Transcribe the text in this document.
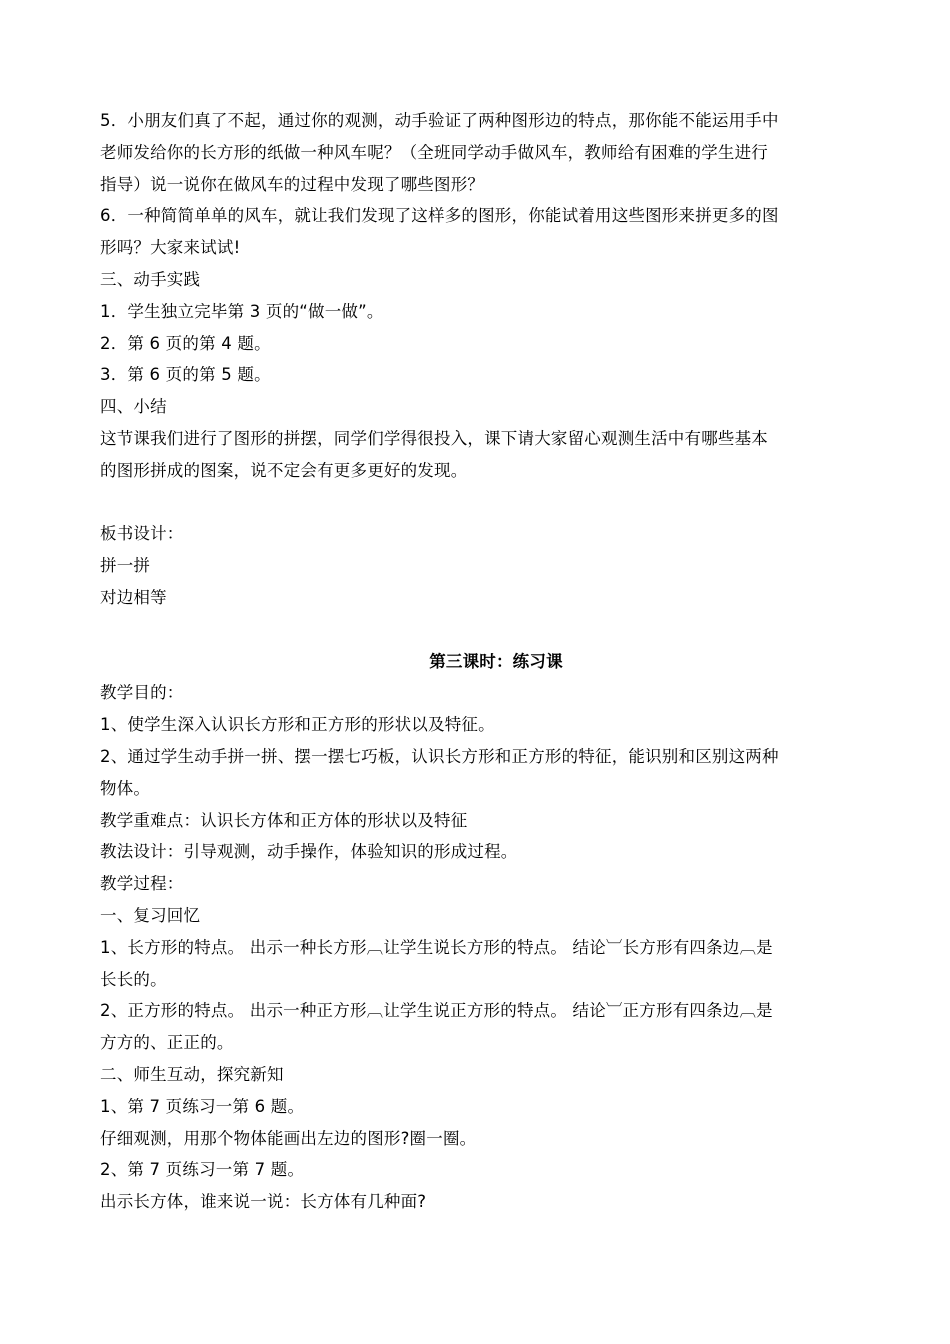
5．小朋友们真了不起，通过你的观测，动手验证了两种图形边的特点，那你能不能运用手中
老师发给你的长方形的纸做一种风车呢？（全班同学动手做风车，教师给有困难的学生进行
指导）说一说你在做风车的过程中发现了哪些图形？
6．一种简简单单的风车，就让我们发现了这样多的图形，你能试着用这些图形来拼更多的图
形吗？大家来试试!
三、动手实践
1．学生独立完毕第 3 页的“做一做”。
2．第 6 页的第 4 题。
3．第 6 页的第 5 题。
四、小结
这节课我们进行了图形的拼摆，同学们学得很投入，课下请大家留心观测生活中有哪些基本
的图形拼成的图案，说不定会有更多更好的发现。
板书设计：
拼一拼
对边相等
第三课时：练习课
教学目的：
1、使学生深入认识长方形和正方形的形状以及特征。
2、通过学生动手拼一拼、摆一摆七巧板，认识长方形和正方形的特征，能识别和区别这两种
物体。
教学重难点：认识长方体和正方体的形状以及特征
教法设计：引导观测，动手操作，体验知识的形成过程。
教学过程：
一、复习回忆
1、长方形的特点。 出示一种长方形︹让学生说长方形的特点。 结论︺长方形有四条边︹是
长长的。
2、正方形的特点。 出示一种正方形︹让学生说正方形的特点。 结论︺正方形有四条边︹是
方方的、正正的。
二、师生互动，探究新知
1、第 7 页练习一第 6 题。
仔细观测，用那个物体能画出左边的图形?圈一圈。
2、第 7 页练习一第 7 题。
出示长方体，谁来说一说：长方体有几种面?
